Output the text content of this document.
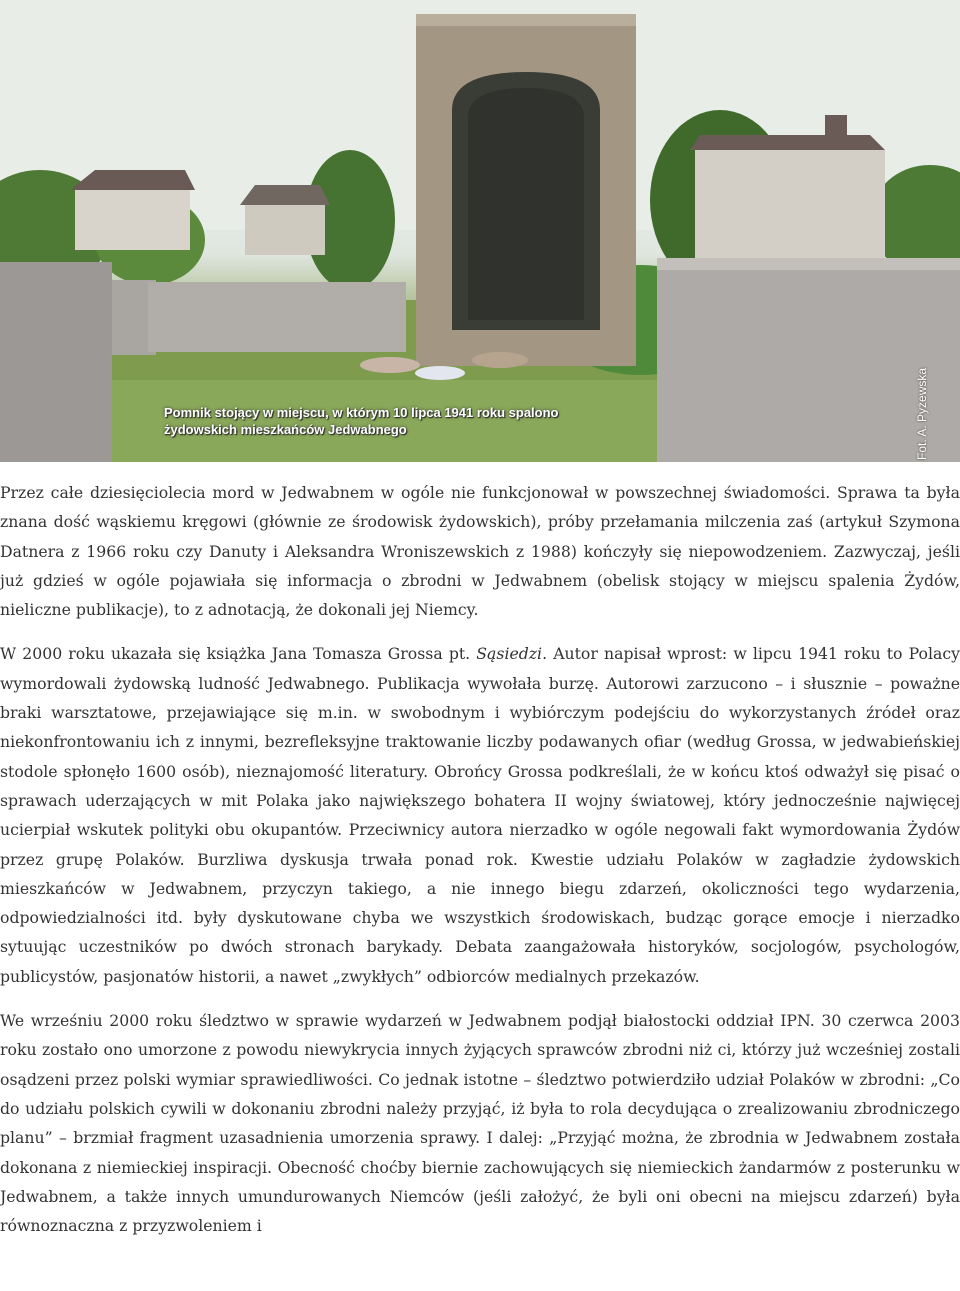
Pomnik stojący w miejscu, w którym 10 lipca 1941 roku spalono
żydowskich mieszkańców Jedwabnego	Fot. A. Pyżewska

Przez całe dziesięciolecia mord w Jedwabnem w ogóle nie funkcjonował w powszechnej świadomości. Sprawa ta była znana dość wąskiemu kręgowi (głównie ze środowisk żydowskich), próby przełamania milczenia zaś (artykuł Szymona Datnera z 1966 roku czy Danuty i Aleksandra Wroniszewskich z 1988) kończyły się niepowodzeniem. Zazwyczaj, jeśli już gdzieś w ogóle pojawiała się informacja o zbrodni w Jedwabnem (obelisk stojący w miejscu spalenia Żydów, nieliczne publikacje), to z adnotacją, że dokonali jej Niemcy.

W 2000 roku ukazała się książka Jana Tomasza Grossa pt. Sąsiedzi. Autor napisał wprost: w lipcu 1941 roku to Polacy wymordowali żydowską ludność Jedwabnego. Publikacja wywołała burzę. Autorowi zarzucono – i słusznie – poważne braki warsztatowe, przejawiające się m.in. w swobodnym i wybiórczym podejściu do wykorzystanych źródeł oraz niekonfrontowaniu ich z innymi, bezrefleksyjne traktowanie liczby podawanych ofiar (według Grossa, w jedwabieńskiej stodole spłonęło 1600 osób), nieznajomość literatury. Obrońcy Grossa podkreślali, że w końcu ktoś odważył się pisać o sprawach uderzających w mit Polaka jako największego bohatera II wojny światowej, który jednocześnie najwięcej ucierpiał wskutek polityki obu okupantów. Przeciwnicy autora nierzadko w ogóle negowali fakt wymordowania Żydów przez grupę Polaków. Burzliwa dyskusja trwała ponad rok. Kwestie udziału Polaków w zagładzie żydowskich mieszkańców w Jedwabnem, przyczyn takiego, a nie innego biegu zdarzeń, okoliczności tego wydarzenia, odpowiedzialności itd. były dyskutowane chyba we wszystkich środowiskach, budząc gorące emocje i nierzadko sytuując uczestników po dwóch stronach barykady. Debata zaangażowała historyków, socjologów, psychologów, publicystów, pasjonatów historii, a nawet „zwykłych” odbiorców medialnych przekazów.

We wrześniu 2000 roku śledztwo w sprawie wydarzeń w Jedwabnem podjął białostocki oddział IPN. 30 czerwca 2003 roku zostało ono umorzone z powodu niewykrycia innych żyjących sprawców zbrodni niż ci, którzy już wcześniej zostali osądzeni przez polski wymiar sprawiedliwości. Co jednak istotne – śledztwo potwierdziło udział Polaków w zbrodni: „Co do udziału polskich cywili w dokonaniu zbrodni należy przyjąć, iż była to rola decydująca o zrealizowaniu zbrodniczego planu” – brzmiał fragment uzasadnienia umorzenia sprawy. I dalej: „Przyjąć można, że zbrodnia w Jedwabnem została dokonana z niemieckiej inspiracji. Obecność choćby biernie zachowujących się niemieckich żandarmów z posterunku w Jedwabnem, a także innych umundurowanych Niemców (jeśli założyć, że byli oni obecni na miejscu zdarzeń) była równoznaczna z przyzwoleniem i
